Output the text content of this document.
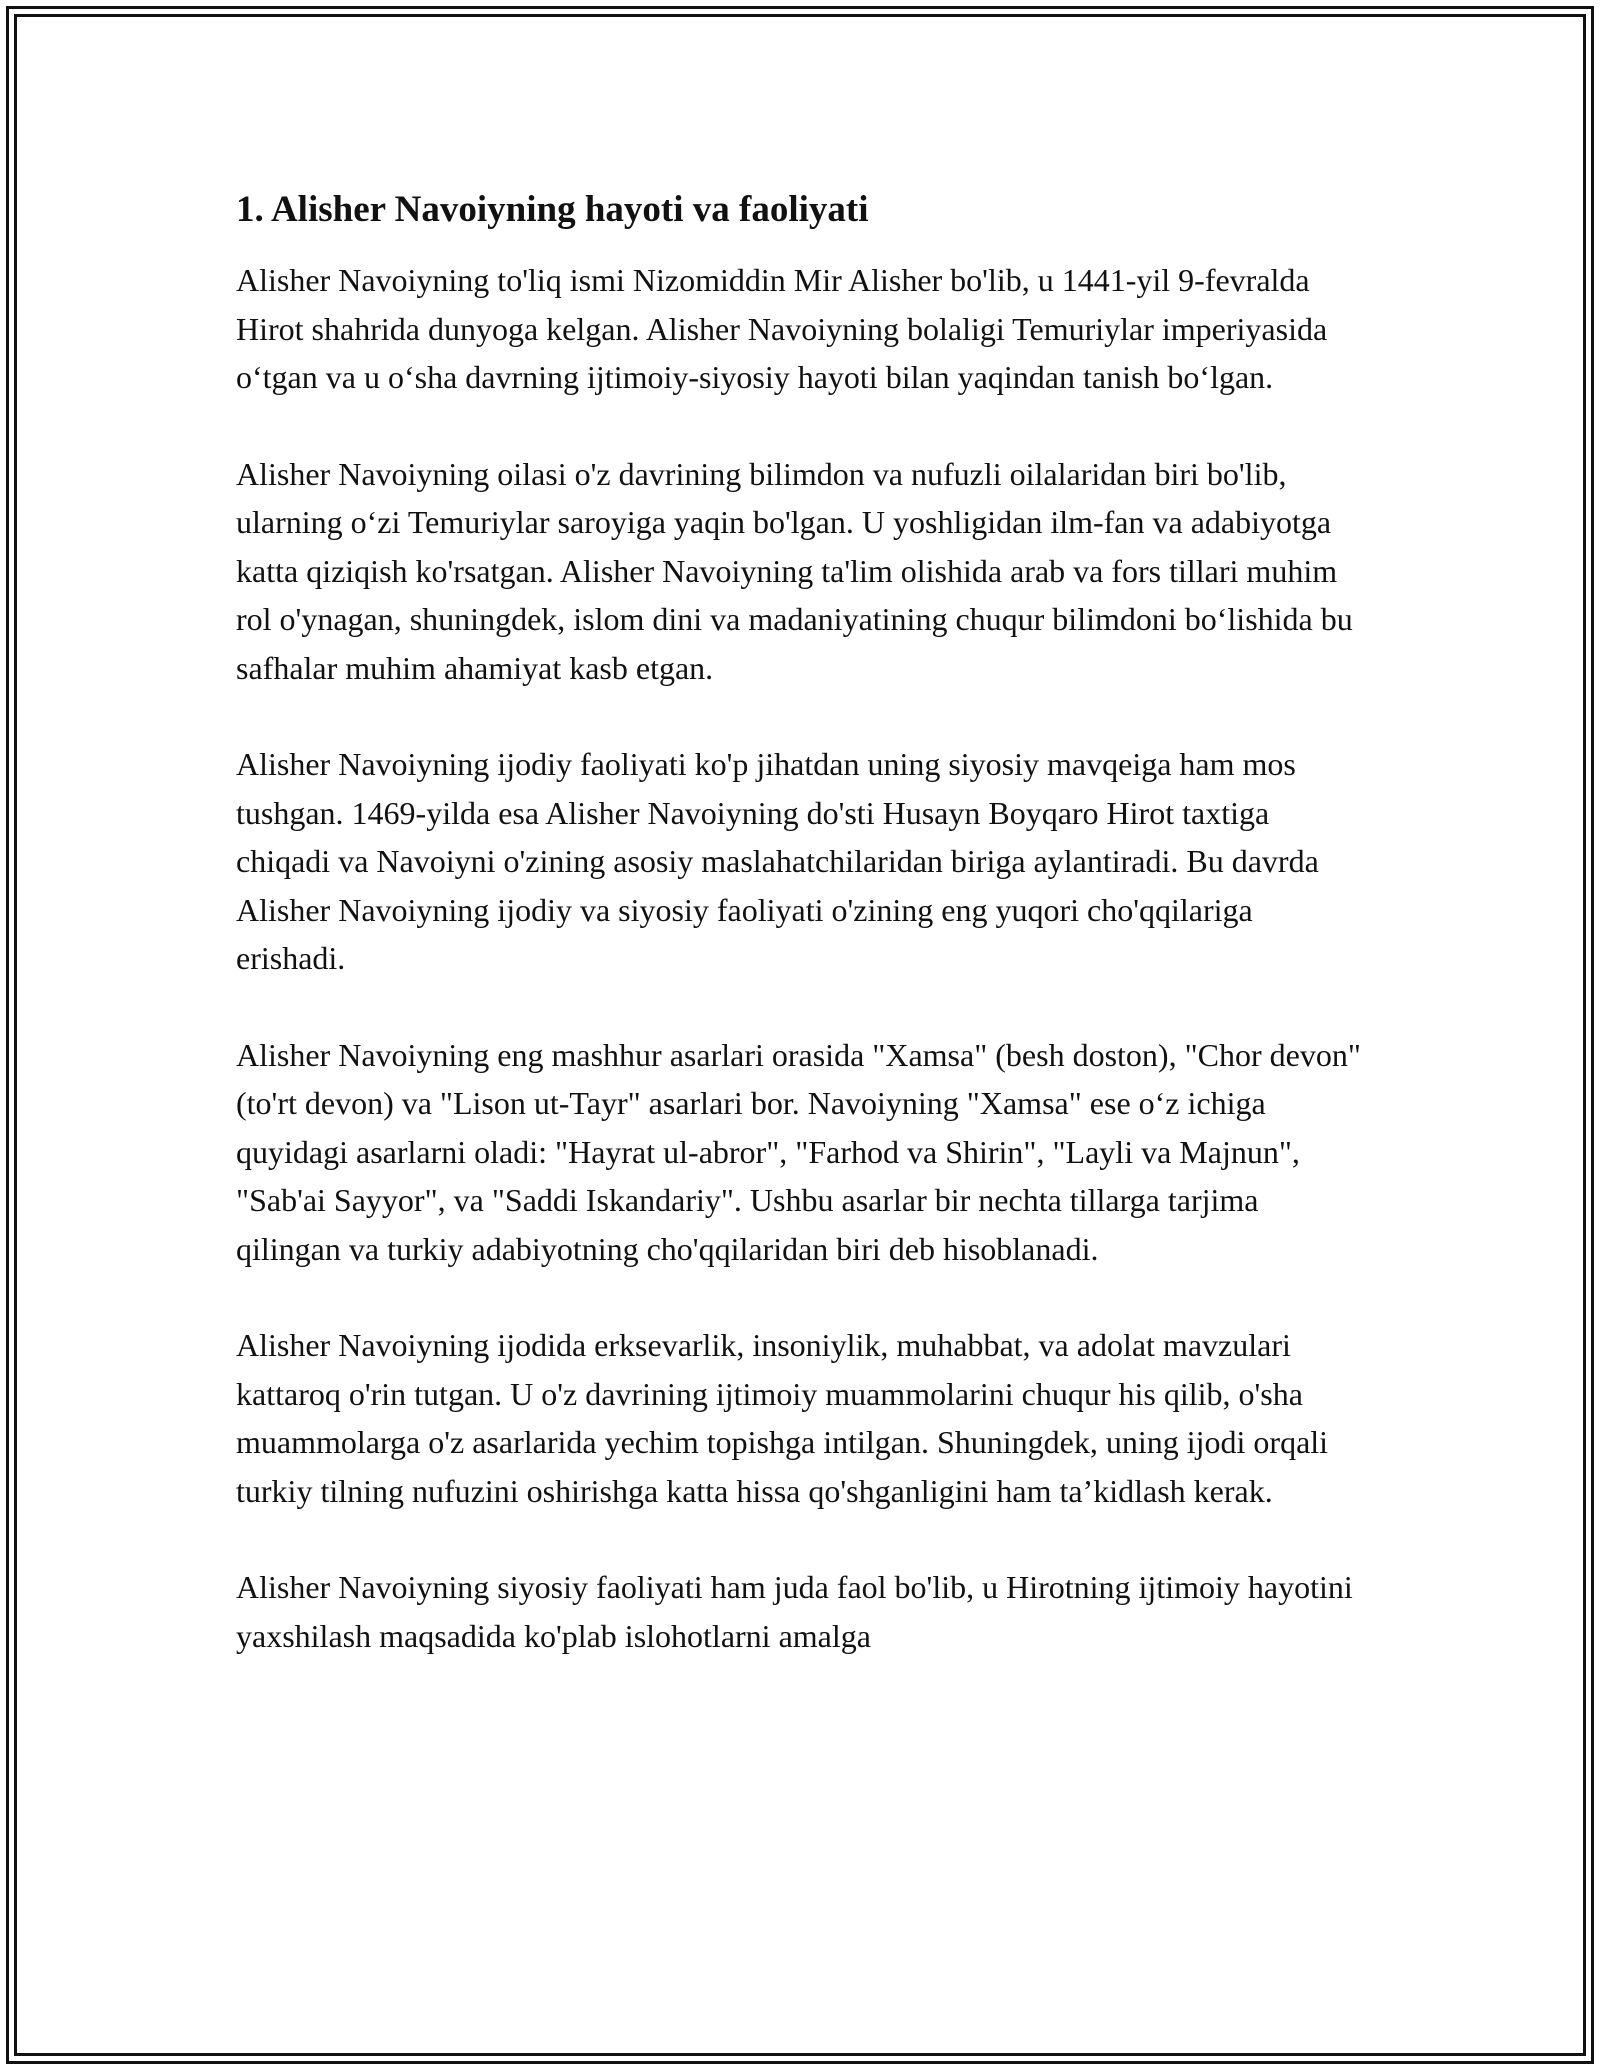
1. Alisher Navoiyning hayoti va faoliyati

Alisher Navoiyning to'liq ismi Nizomiddin Mir Alisher bo'lib, u 1441-yil 9-fevralda Hirot shahrida dunyoga kelgan. Alisher Navoiyning bolaligi Temuriylar imperiyasida o‘tgan va u o‘sha davrning ijtimoiy-siyosiy hayoti bilan yaqindan tanish bo‘lgan.

Alisher Navoiyning oilasi o'z davrining bilimdon va nufuzli oilalaridan biri bo'lib, ularning o‘zi Temuriylar saroyiga yaqin bo'lgan. U yoshligidan ilm-fan va adabiyotga katta qiziqish ko'rsatgan. Alisher Navoiyning ta'lim olishida arab va fors tillari muhim rol o'ynagan, shuningdek, islom dini va madaniyatining chuqur bilimdoni bo‘lishida bu safhalar muhim ahamiyat kasb etgan.

Alisher Navoiyning ijodiy faoliyati ko'p jihatdan uning siyosiy mavqeiga ham mos tushgan. 1469-yilda esa Alisher Navoiyning do'sti Husayn Boyqaro Hirot taxtiga chiqadi va Navoiyni o'zining asosiy maslahatchilaridan biriga aylantiradi. Bu davrda Alisher Navoiyning ijodiy va siyosiy faoliyati o'zining eng yuqori cho'qqilariga erishadi.

Alisher Navoiyning eng mashhur asarlari orasida "Xamsa" (besh doston), "Chor devon" (to'rt devon) va "Lison ut-Tayr" asarlari bor. Navoiyning "Xamsa" ese o‘z ichiga quyidagi asarlarni oladi: "Hayrat ul-abror", "Farhod va Shirin", "Layli va Majnun", "Sab'ai Sayyor", va "Saddi Iskandariy". Ushbu asarlar bir nechta tillarga tarjima qilingan va turkiy adabiyotning cho'qqilaridan biri deb hisoblanadi.

Alisher Navoiyning ijodida erksevarlik, insoniylik, muhabbat, va adolat mavzulari kattaroq o'rin tutgan. U o'z davrining ijtimoiy muammolarini chuqur his qilib, o'sha muammolarga o'z asarlarida yechim topishga intilgan. Shuningdek, uning ijodi orqali turkiy tilning nufuzini oshirishga katta hissa qo'shganligini ham ta’kidlash kerak.

Alisher Navoiyning siyosiy faoliyati ham juda faol bo'lib, u Hirotning ijtimoiy hayotini yaxshilash maqsadida ko'plab islohotlarni amalga
